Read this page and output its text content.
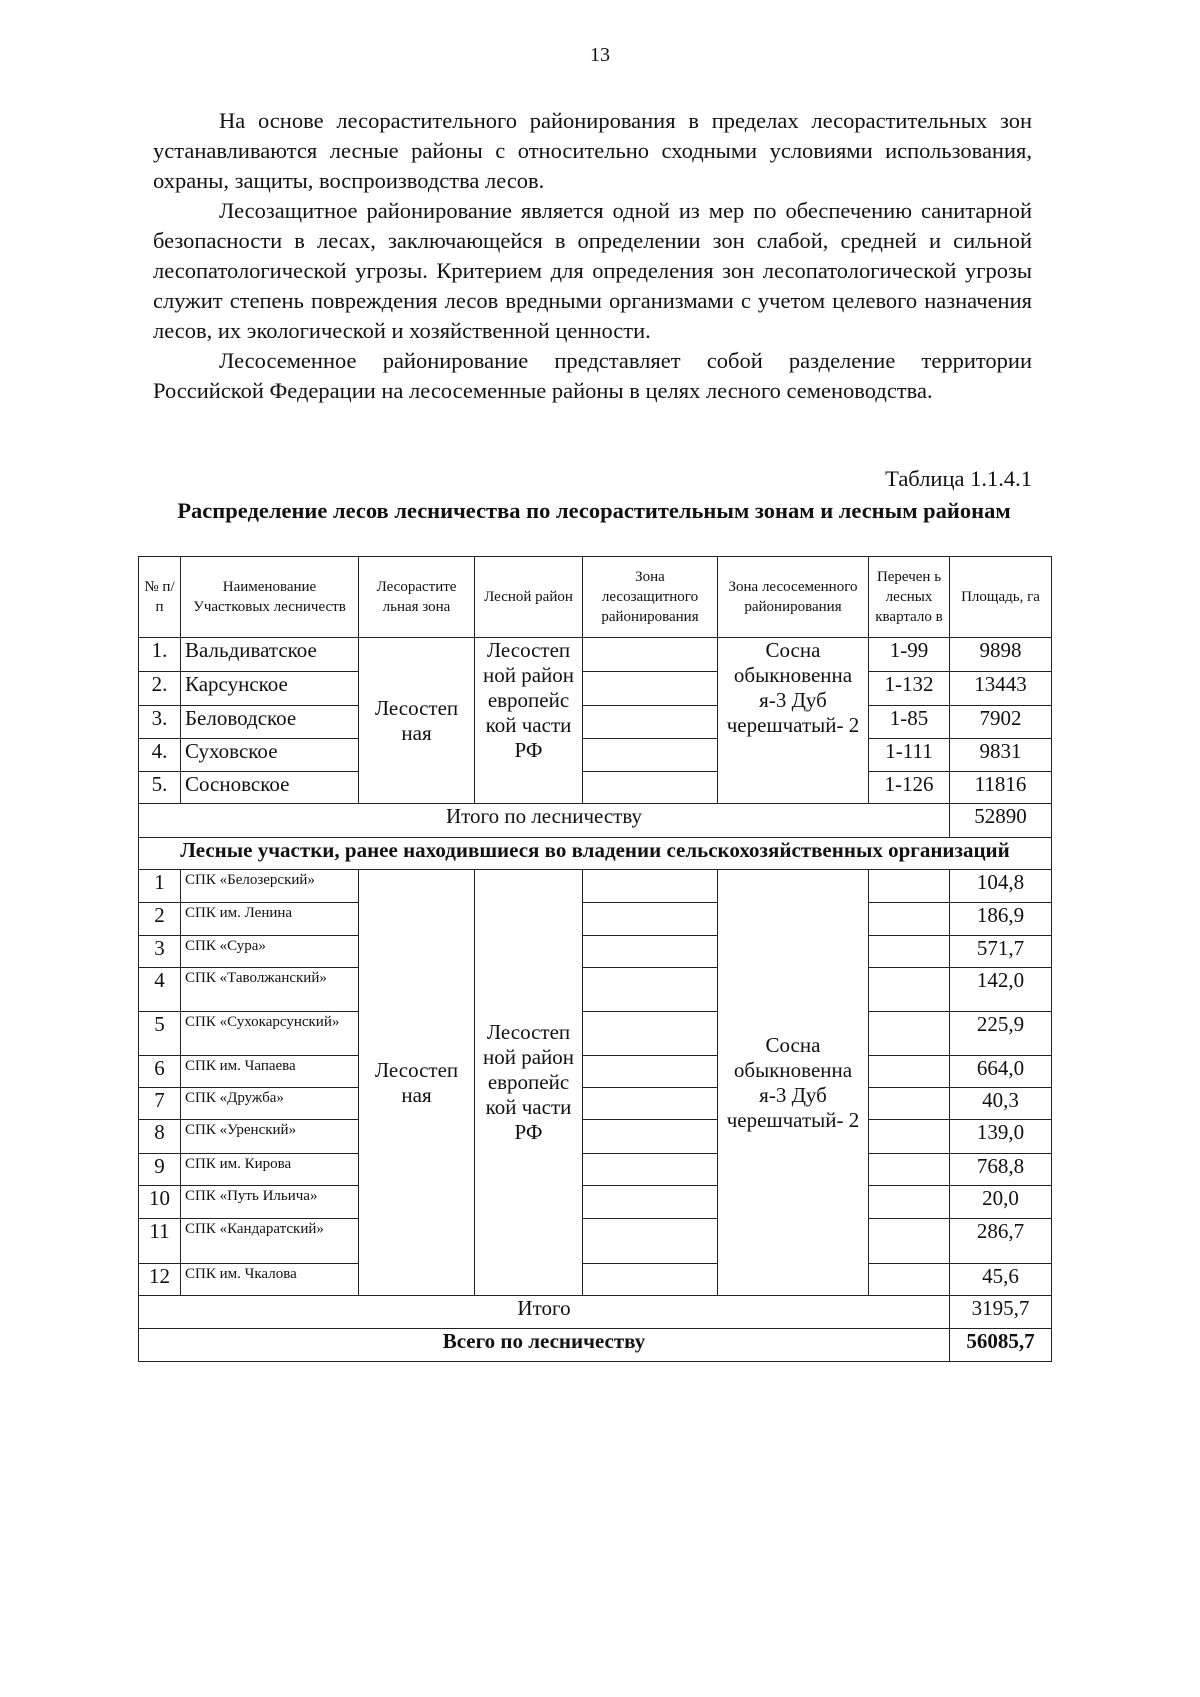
13

На основе лесорастительного районирования в пределах лесорастительных зон устанавливаются лесные районы с относительно сходными условиями использования, охраны, защиты, воспроизводства лесов.

Лесозащитное районирование является одной из мер по обеспечению санитарной безопасности в лесах, заключающейся в определении зон слабой, средней и сильной лесопатологической угрозы. Критерием для определения зон лесопатологической угрозы служит степень повреждения лесов вредными организмами с учетом целевого назначения лесов, их экологической и хозяйственной ценности.

Лесосеменное районирование представляет собой разделение территории Российской Федерации на лесосеменные районы в целях лесного семеноводства.

Таблица 1.1.4.1
Распределение лесов лесничества по лесорастительным зонам и лесным районам
№ п/п	Наименование Участковых лесничеств	Лесорастите льная зона	Лесной район	Зона лесозащитного районирования	Зона лесосеменного районирования	Перечен ь лесных квартало в	Площадь, га
1.	Вальдиватское	Лесостеп ная	Лесостеп ной район европейс кой части РФ		Сосна обыкновенна я-3 Дуб черешчатый- 2	1-99	9898
2.	Карсунское					1-132	13443
3.	Беловодское					1-85	7902
4.	Суховское					1-111	9831
5.	Сосновское					1-126	11816
Итого по лесничеству							52890
Лесные участки, ранее находившиеся во владении сельскохозяйственных организаций							
1	СПК «Белозерский»	Лесостеп ная	Лесостеп ной район европейс кой части РФ		Сосна обыкновенна я-3 Дуб черешчатый- 2		104,8
2	СПК им. Ленина						186,9
3	СПК «Сура»						571,7
4	СПК «Таволжанский»						142,0
5	СПК «Сухокарсунский»						225,9
6	СПК им. Чапаева						664,0
7	СПК «Дружба»						40,3
8	СПК «Уренский»						139,0
9	СПК им. Кирова						768,8
10	СПК «Путь Ильича»						20,0
11	СПК «Кандаратский»						286,7
12	СПК им. Чкалова						45,6
Итого							3195,7
Всего по лесничеству							56085,7
